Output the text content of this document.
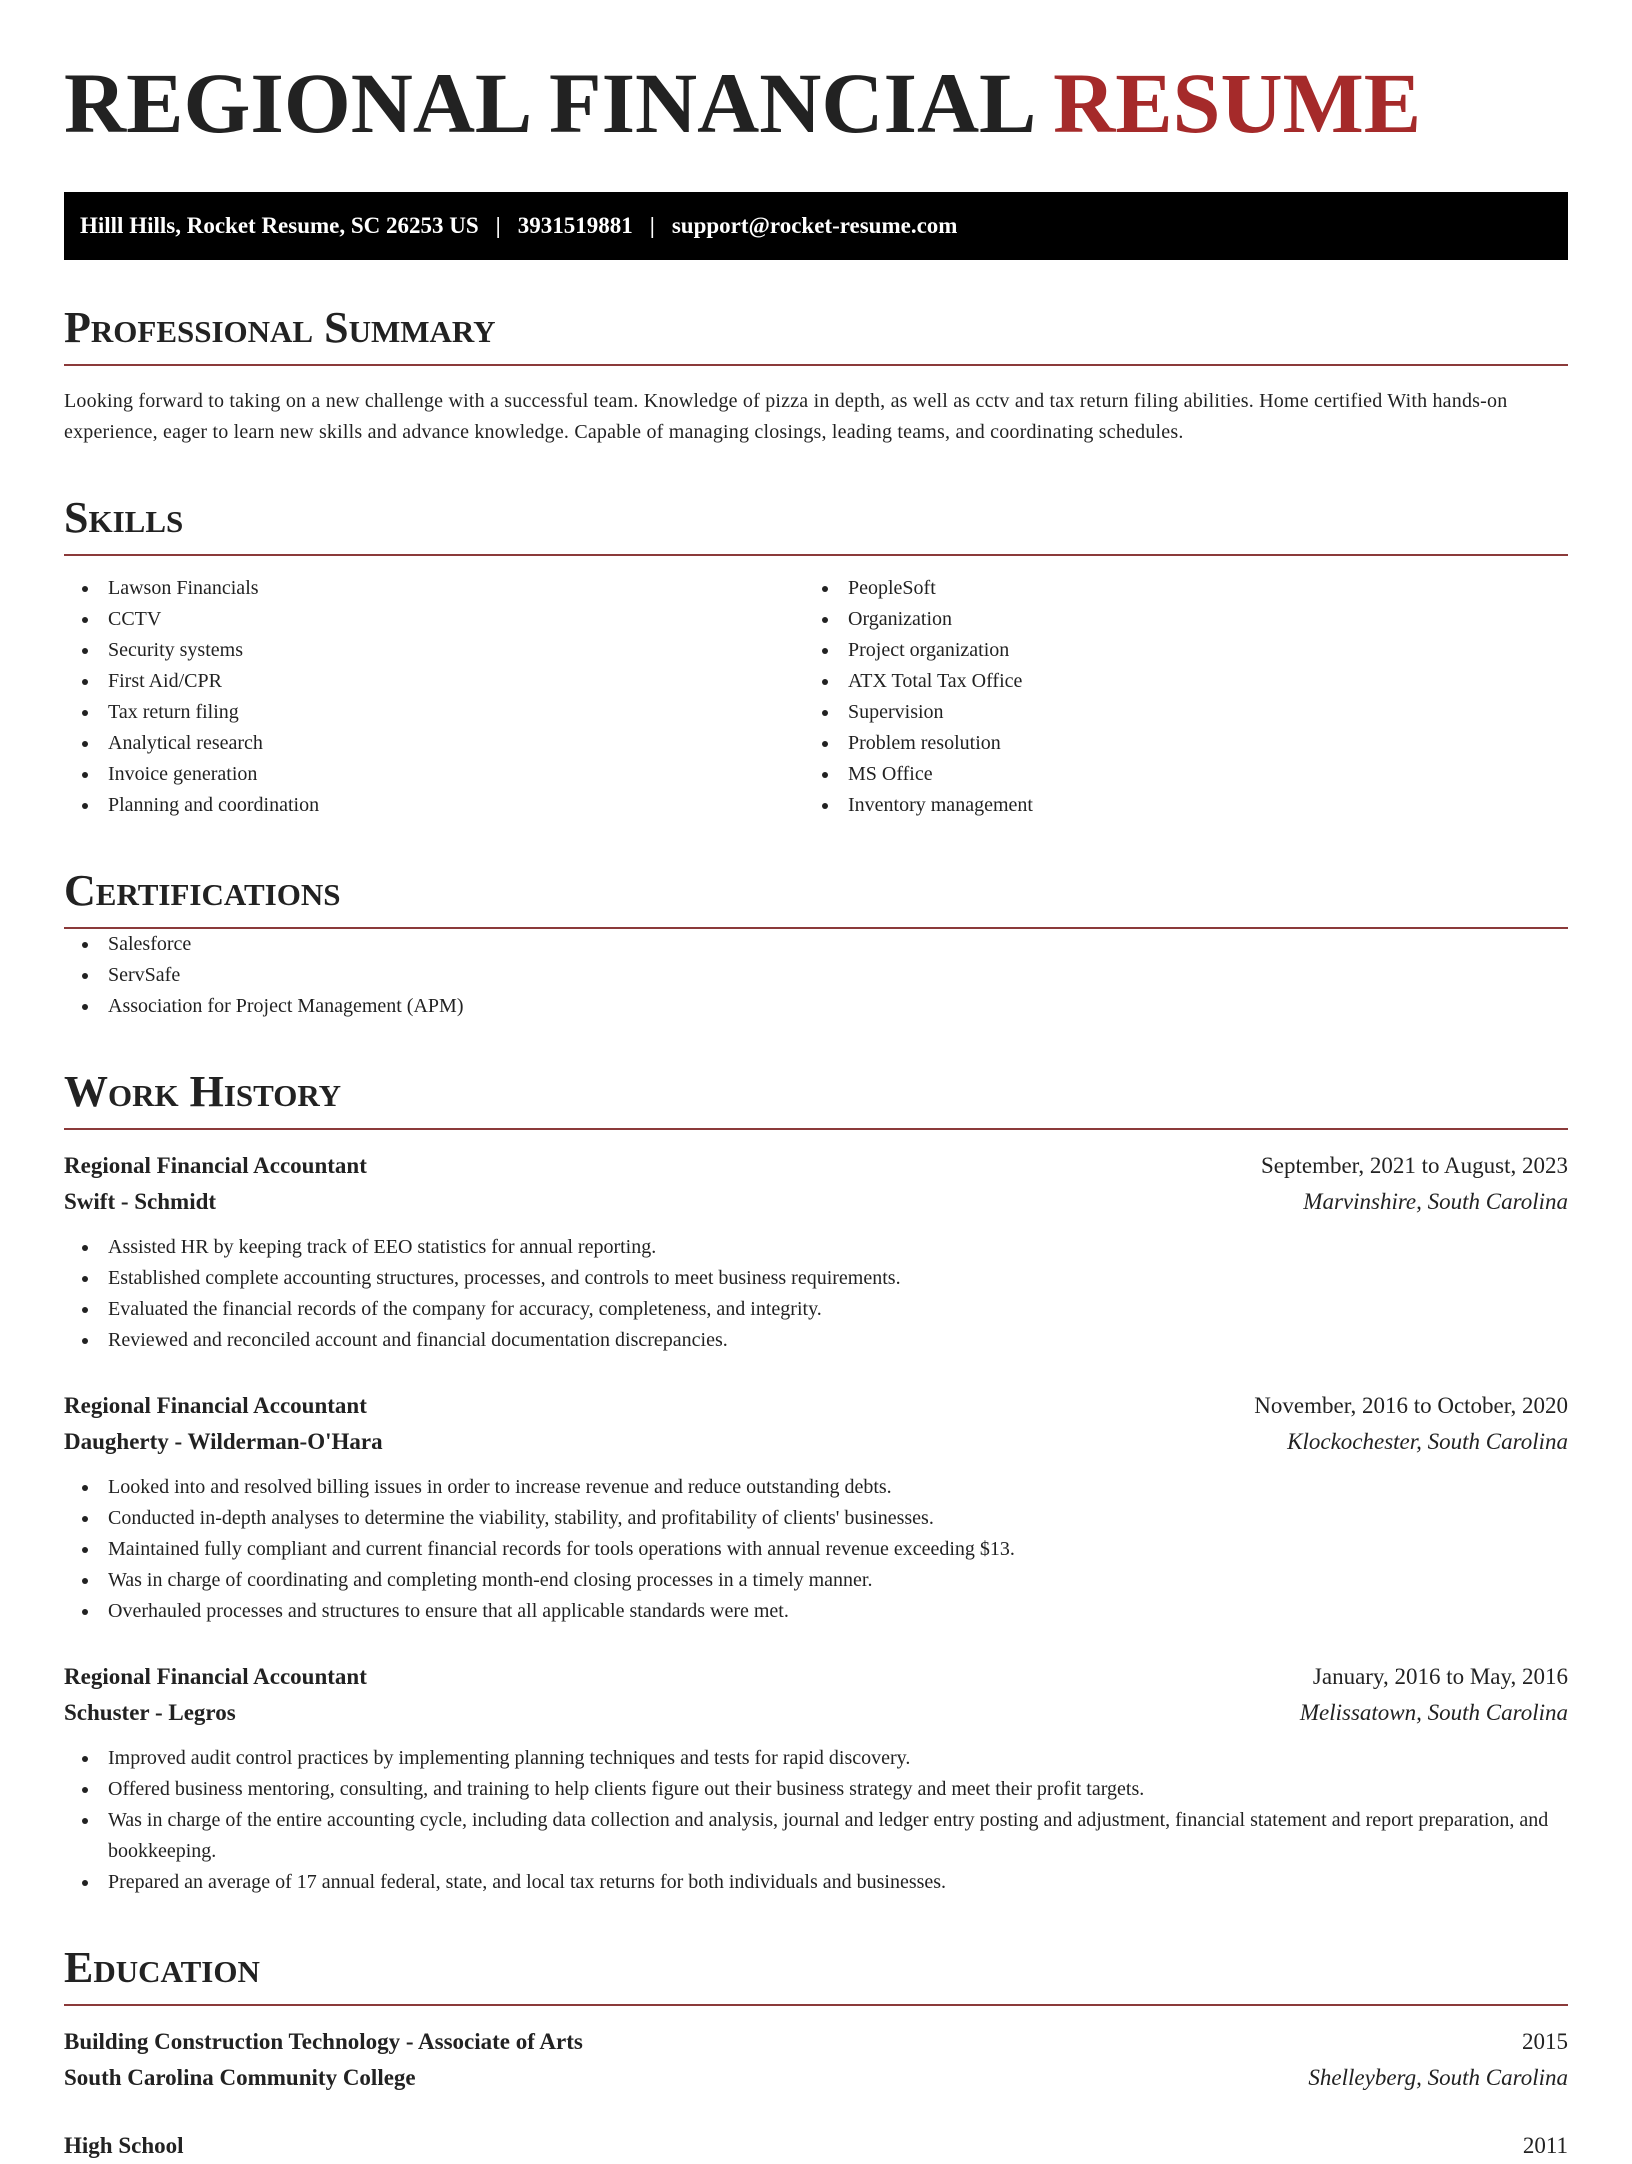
REGIONAL FINANCIAL RESUME
Hilll Hills, Rocket Resume, SC 26253 US | 3931519881 | support@rocket-resume.com
Professional Summary

Looking forward to taking on a new challenge with a successful team. Knowledge of pizza in depth, as well as cctv and tax return filing abilities. Home certified With hands-on experience, eager to learn new skills and advance knowledge. Capable of managing closings, leading teams, and coordinating schedules.

Skills
Lawson Financials
CCTV
Security systems
First Aid/CPR
Tax return filing
Analytical research
Invoice generation
Planning and coordination
PeopleSoft
Organization
Project organization
ATX Total Tax Office
Supervision
Problem resolution
MS Office
Inventory management
Certifications
Salesforce
ServSafe
Association for Project Management (APM)
Work History
Regional Financial Accountant	September, 2021 to August, 2023
Swift - Schmidt	Marvinshire, South Carolina
Assisted HR by keeping track of EEO statistics for annual reporting.
Established complete accounting structures, processes, and controls to meet business requirements.
Evaluated the financial records of the company for accuracy, completeness, and integrity.
Reviewed and reconciled account and financial documentation discrepancies.
Regional Financial Accountant	November, 2016 to October, 2020
Daugherty - Wilderman-O'Hara	Klockochester, South Carolina
Looked into and resolved billing issues in order to increase revenue and reduce outstanding debts.
Conducted in-depth analyses to determine the viability, stability, and profitability of clients' businesses.
Maintained fully compliant and current financial records for tools operations with annual revenue exceeding $13.
Was in charge of coordinating and completing month-end closing processes in a timely manner.
Overhauled processes and structures to ensure that all applicable standards were met.
Regional Financial Accountant	January, 2016 to May, 2016
Schuster - Legros	Melissatown, South Carolina
Improved audit control practices by implementing planning techniques and tests for rapid discovery.
Offered business mentoring, consulting, and training to help clients figure out their business strategy and meet their profit targets.
Was in charge of the entire accounting cycle, including data collection and analysis, journal and ledger entry posting and adjustment, financial statement and report preparation, and bookkeeping.
Prepared an average of 17 annual federal, state, and local tax returns for both individuals and businesses.
Education
Building Construction Technology - Associate of Arts	2015
South Carolina Community College	Shelleyberg, South Carolina
High School	2011
